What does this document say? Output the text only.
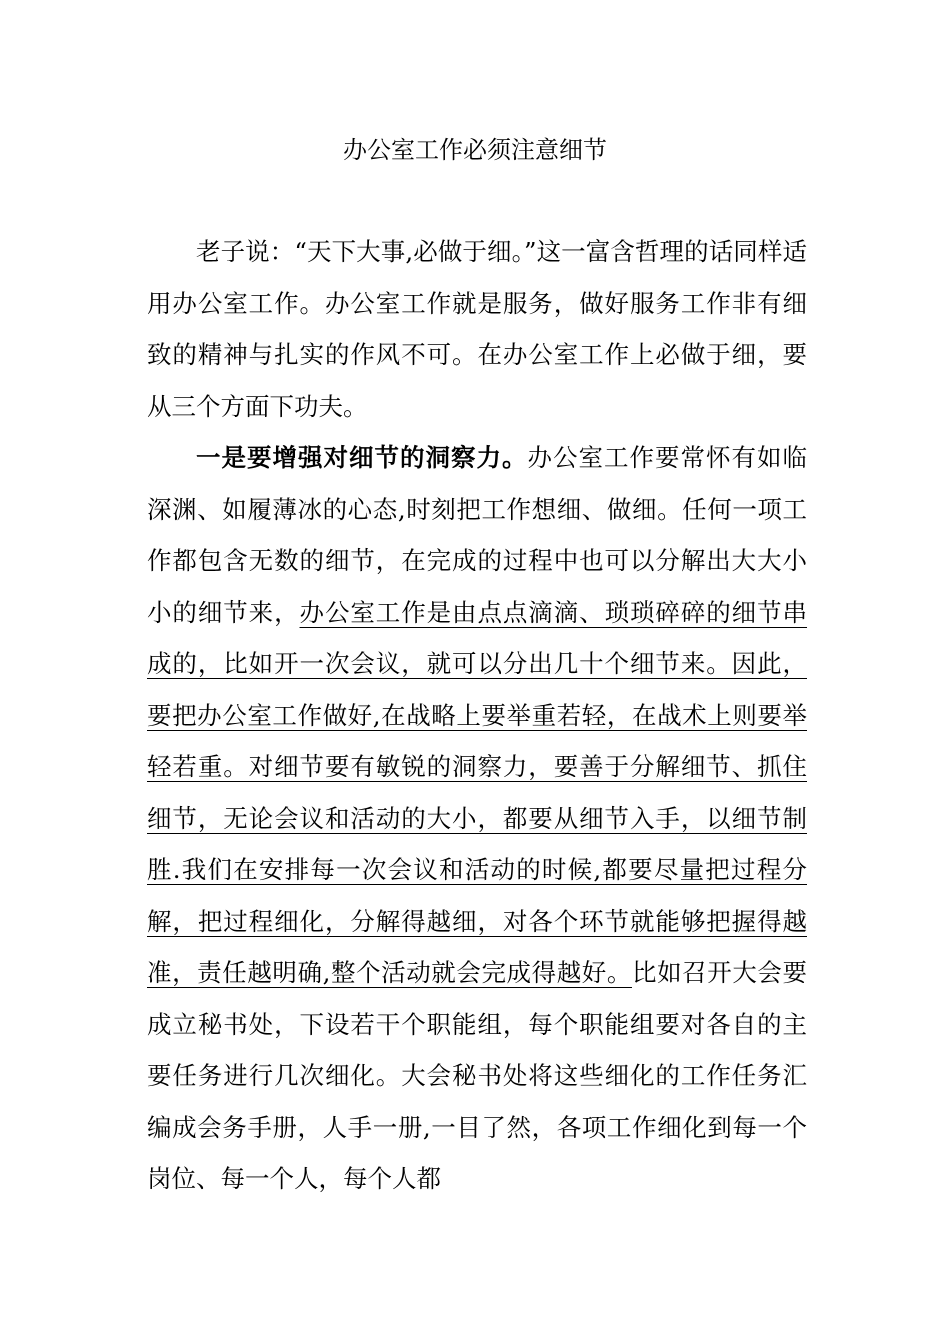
办公室工作必须注意细节

老子说：“天下大事,必做于细。”这一富含哲理的话同样适用办公室工作。办公室工作就是服务，做好服务工作非有细致的精神与扎实的作风不可。在办公室工作上必做于细，要从三个方面下功夫。

一是要增强对细节的洞察力。办公室工作要常怀有如临深渊、如履薄冰的心态,时刻把工作想细、做细。任何一项工作都包含无数的细节，在完成的过程中也可以分解出大大小小的细节来，办公室工作是由点点滴滴、琐琐碎碎的细节串成的，比如开一次会议，就可以分出几十个细节来。因此，要把办公室工作做好,在战略上要举重若轻，在战术上则要举轻若重。对细节要有敏锐的洞察力，要善于分解细节、抓住细节，无论会议和活动的大小，都要从细节入手，以细节制胜.我们在安排每一次会议和活动的时候,都要尽量把过程分解，把过程细化，分解得越细，对各个环节就能够把握得越准，责任越明确,整个活动就会完成得越好。比如召开大会要成立秘书处，下设若干个职能组，每个职能组要对各自的主要任务进行几次细化。大会秘书处将这些细化的工作任务汇编成会务手册，人手一册,一目了然，各项工作细化到每一个岗位、每一个人，每个人都
